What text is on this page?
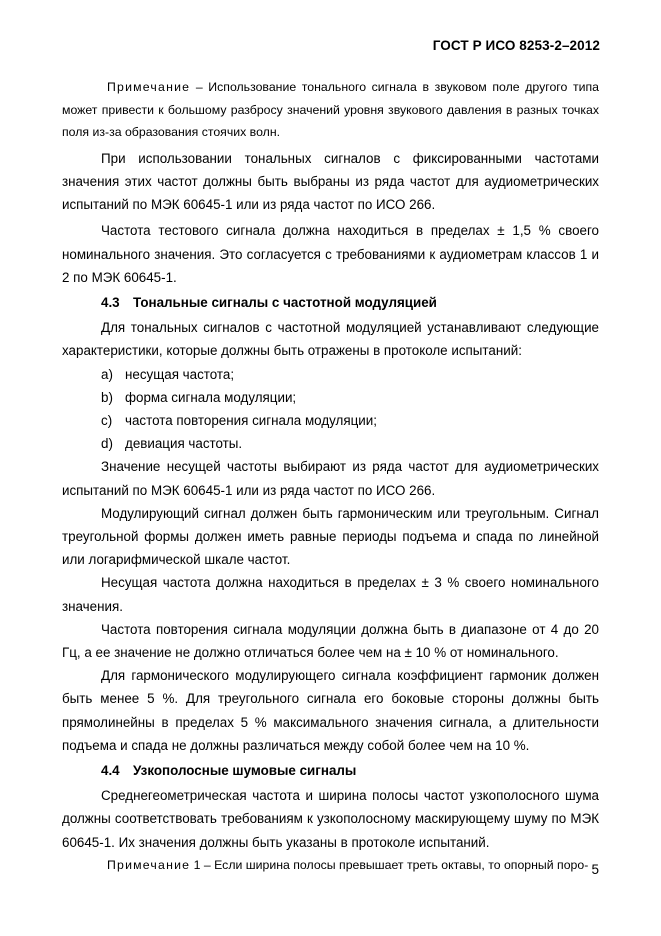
ГОСТ Р ИСО 8253-2–2012

Примечание – Использование тонального сигнала в звуковом поле другого типа может привести к большому разбросу значений уровня звукового давления в разных точках поля из-за образования стоячих волн.

При использовании тональных сигналов с фиксированными частотами значения этих частот должны быть выбраны из ряда частот для аудиометрических испытаний по МЭК 60645-1 или из ряда частот по ИСО 266.

Частота тестового сигнала должна находиться в пределах ± 1,5 % своего номинального значения. Это согласуется с требованиями к аудиометрам классов 1 и 2 по МЭК 60645-1.

4.3 Тональные сигналы с частотной модуляцией

Для тональных сигналов с частотной модуляцией устанавливают следующие характеристики, которые должны быть отражены в протоколе испытаний:

a) несущая частота;
b) форма сигнала модуляции;
c) частота повторения сигнала модуляции;
d) девиация частоты.

Значение несущей частоты выбирают из ряда частот для аудиометрических испытаний по МЭК 60645-1 или из ряда частот по ИСО 266.

Модулирующий сигнал должен быть гармоническим или треугольным. Сигнал треугольной формы должен иметь равные периоды подъема и спада по линейной или логарифмической шкале частот.

Несущая частота должна находиться в пределах ± 3 % своего номинального значения.

Частота повторения сигнала модуляции должна быть в диапазоне от 4 до 20 Гц, а ее значение не должно отличаться более чем на ± 10 % от номинального.

Для гармонического модулирующего сигнала коэффициент гармоник должен быть менее 5 %. Для треугольного сигнала его боковые стороны должны быть прямолинейны в пределах 5 % максимального значения сигнала, а длительности подъема и спада не должны различаться между собой более чем на 10 %.

4.4 Узкополосные шумовые сигналы

Среднегеометрическая частота и ширина полосы частот узкополосного шума должны соответствовать требованиям к узкополосному маскирующему шуму по МЭК 60645-1. Их значения должны быть указаны в протоколе испытаний.

Примечание 1 – Если ширина полосы превышает треть октавы, то опорный поро- 5
